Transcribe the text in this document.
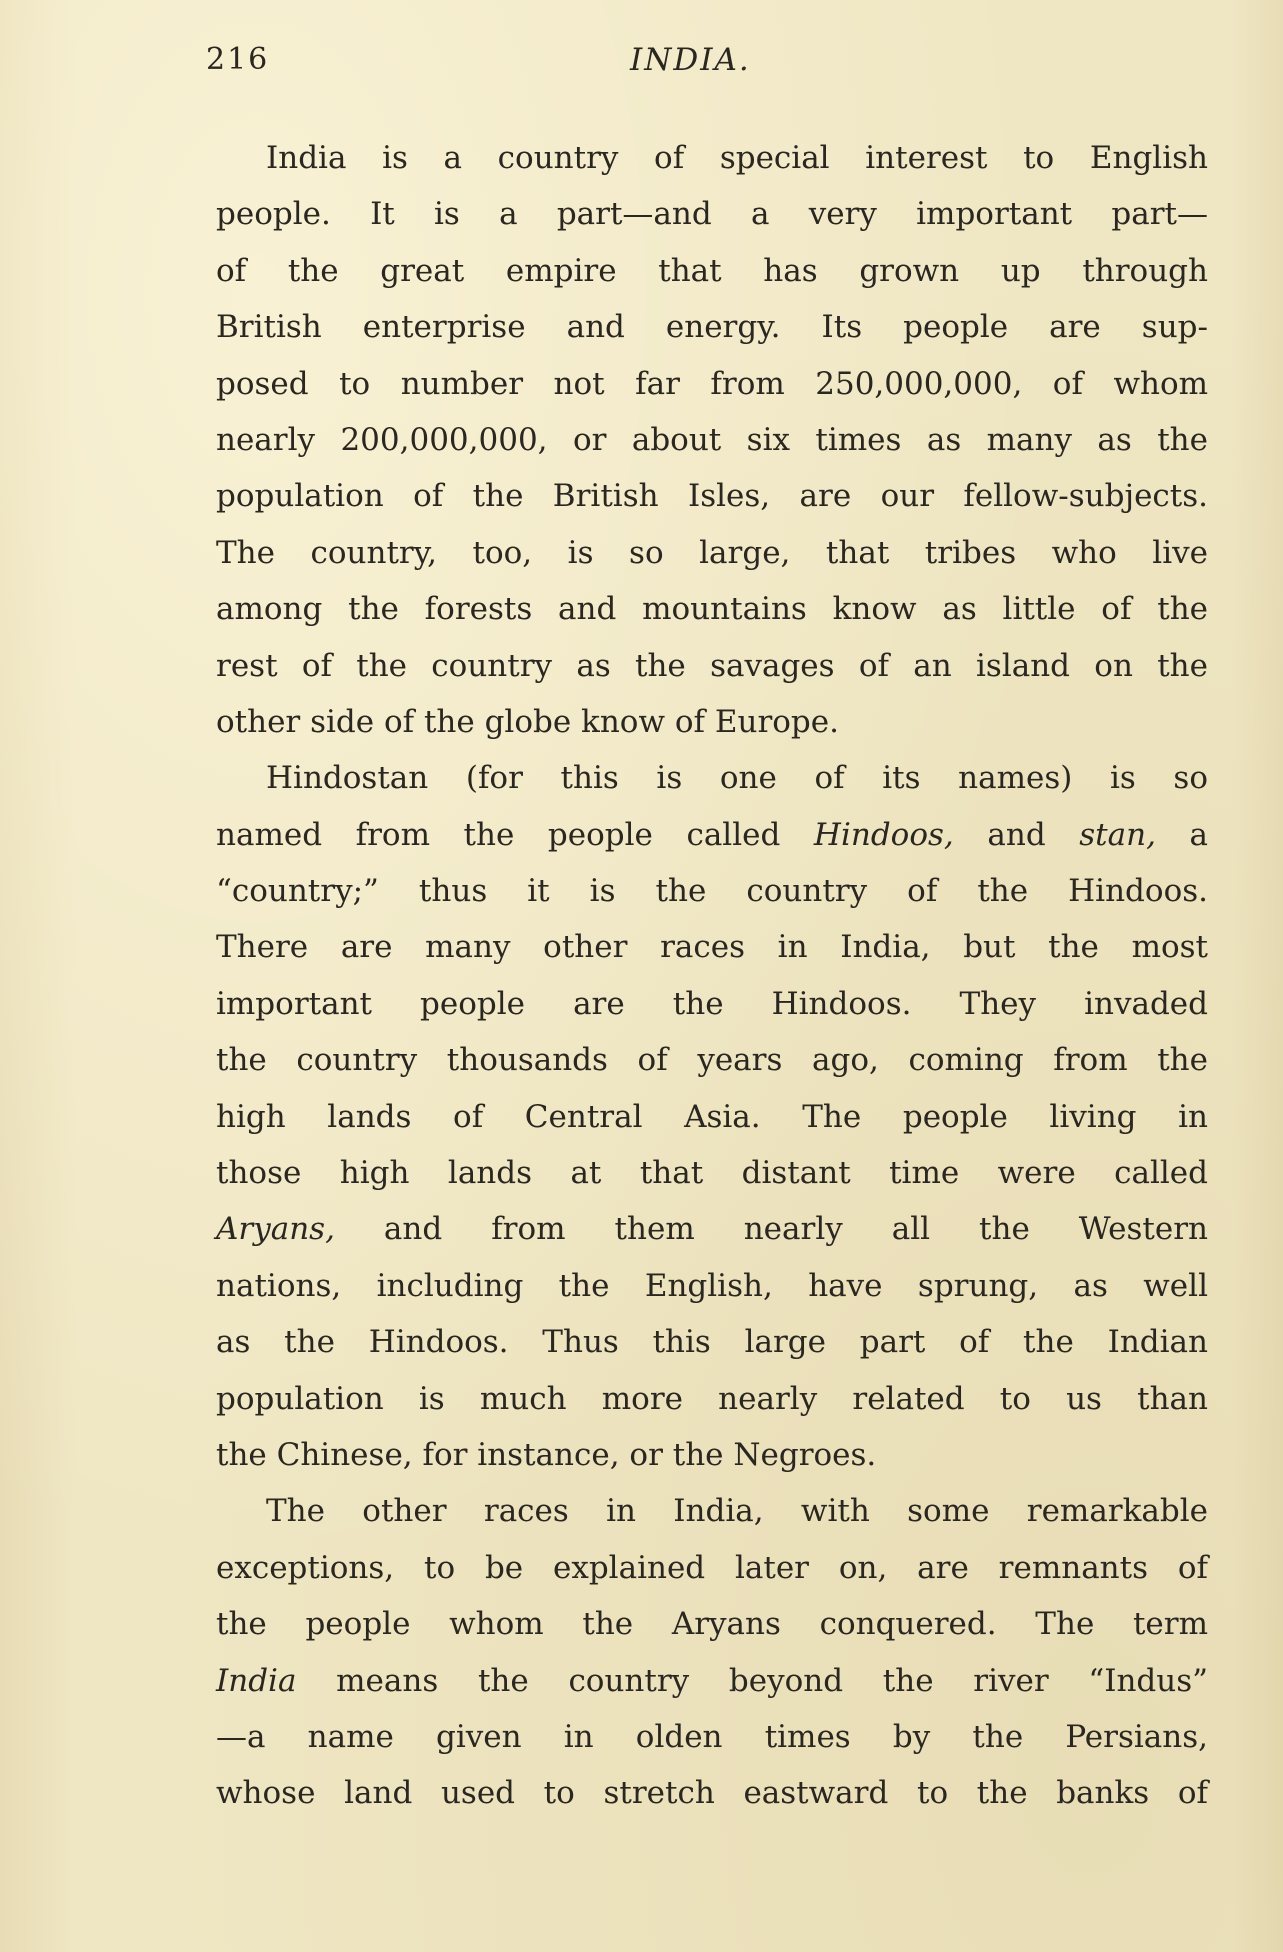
216	INDIA.
India is a country of special interest to English
people. It is a part—and a very important part—
of the great empire that has grown up through
British enterprise and energy. Its people are sup-
posed to number not far from 250,000,000, of whom
nearly 200,000,000, or about six times as many as the
population of the British Isles, are our fellow-subjects.
The country, too, is so large, that tribes who live
among the forests and mountains know as little of the
rest of the country as the savages of an island on the
other side of the globe know of Europe.
Hindostan (for this is one of its names) is so
named from the people called Hindoos, and stan, a
“country;” thus it is the country of the Hindoos.
There are many other races in India, but the most
important people are the Hindoos. They invaded
the country thousands of years ago, coming from the
high lands of Central Asia. The people living in
those high lands at that distant time were called
Aryans, and from them nearly all the Western
nations, including the English, have sprung, as well
as the Hindoos. Thus this large part of the Indian
population is much more nearly related to us than
the Chinese, for instance, or the Negroes.
The other races in India, with some remarkable
exceptions, to be explained later on, are remnants of
the people whom the Aryans conquered. The term
India means the country beyond the river “Indus”
—a name given in olden times by the Persians,
whose land used to stretch eastward to the banks of
